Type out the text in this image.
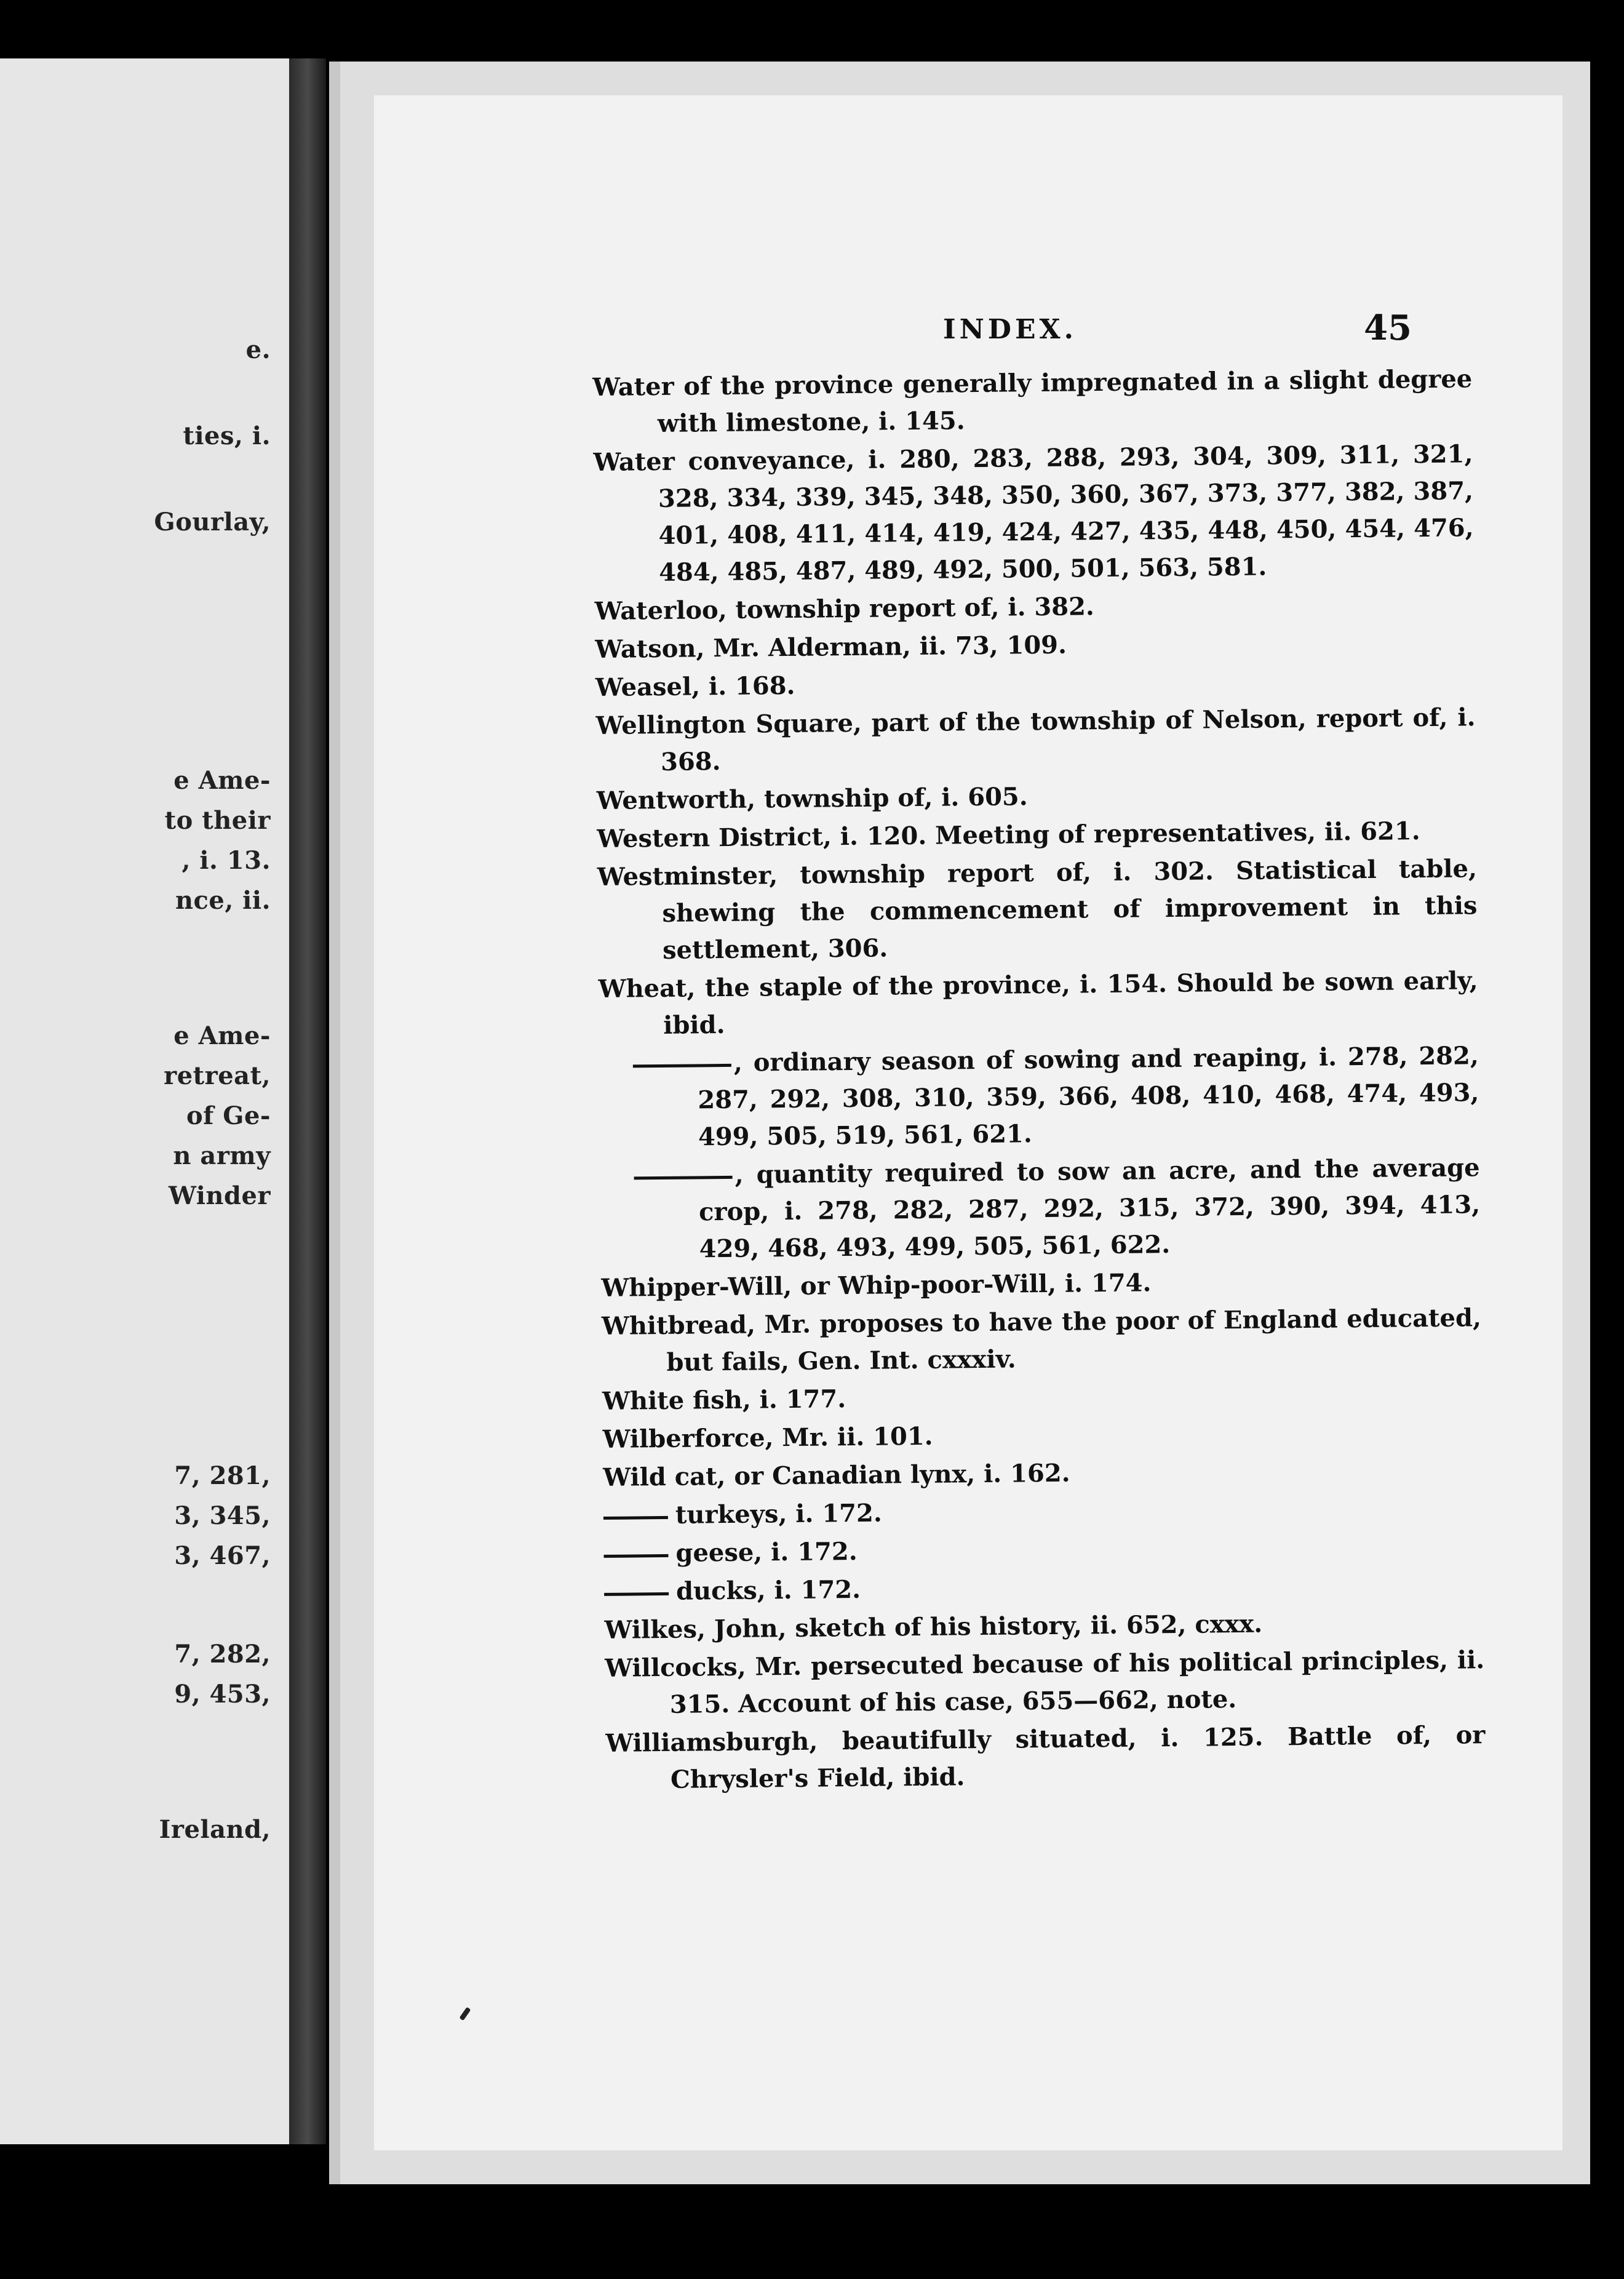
e.
ties, i.
Gourlay,
e Ame-
to their
, i. 13.
nce, ii.
e Ame-
retreat,
of Ge-
n army
Winder
7, 281,
3, 345,
3, 467,
7, 282,
9, 453,
Ireland,
INDEX.	45
Water of the province generally impregnated in a slight degree with limestone, i. 145.
Water conveyance, i. 280, 283, 288, 293, 304, 309, 311, 321, 328, 334, 339, 345, 348, 350, 360, 367, 373, 377, 382, 387, 401, 408, 411, 414, 419, 424, 427, 435, 448, 450, 454, 476, 484, 485, 487, 489, 492, 500, 501, 563, 581.
Waterloo, township report of, i. 382.
Watson, Mr. Alderman, ii. 73, 109.
Weasel, i. 168.
Wellington Square, part of the township of Nelson, report of, i. 368.
Wentworth, township of, i. 605.
Western District, i. 120. Meeting of representatives, ii. 621.
Westminster, township report of, i. 302. Statistical table, shewing the commencement of improvement in this settlement, 306.
Wheat, the staple of the province, i. 154. Should be sown early, ibid.
, ordinary season of sowing and reaping, i. 278, 282, 287, 292, 308, 310, 359, 366, 408, 410, 468, 474, 493, 499, 505, 519, 561, 621.
, quantity required to sow an acre, and the average crop, i. 278, 282, 287, 292, 315, 372, 390, 394, 413, 429, 468, 493, 499, 505, 561, 622.
Whipper-Will, or Whip-poor-Will, i. 174.
Whitbread, Mr. proposes to have the poor of England educated, but fails, Gen. Int. cxxxiv.
White fish, i. 177.
Wilberforce, Mr. ii. 101.
Wild cat, or Canadian lynx, i. 162.
turkeys, i. 172.
geese, i. 172.
ducks, i. 172.
Wilkes, John, sketch of his history, ii. 652, cxxx.
Willcocks, Mr. persecuted because of his political principles, ii. 315. Account of his case, 655—662, note.
Williamsburgh, beautifully situated, i. 125. Battle of, or Chrysler's Field, ibid.
